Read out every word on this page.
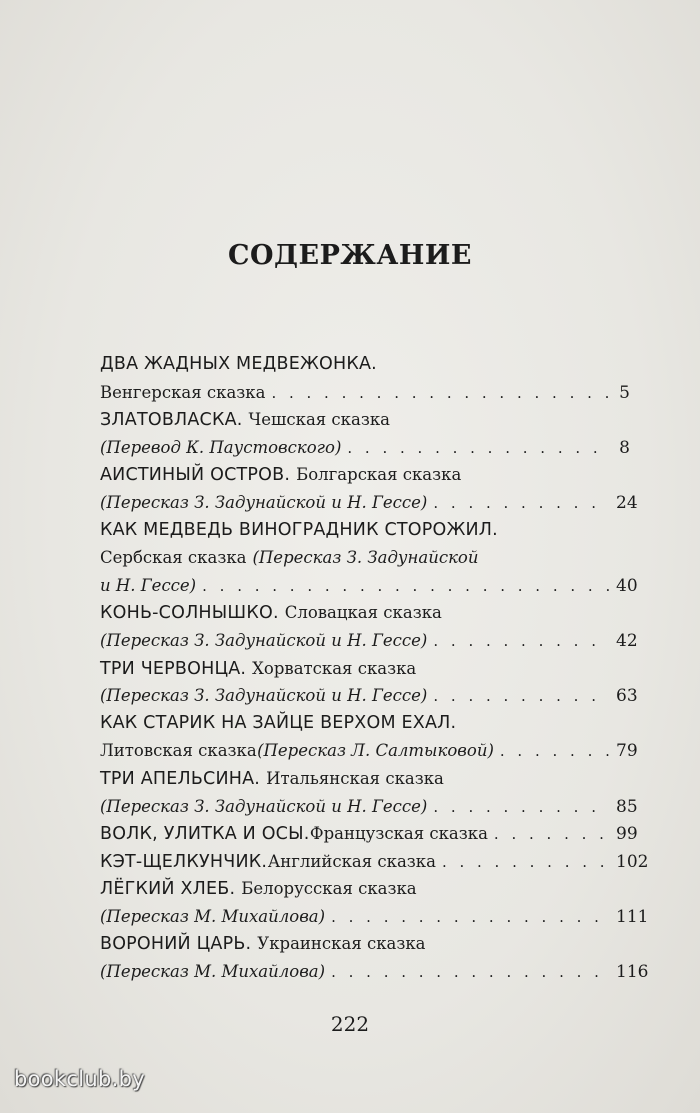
СОДЕРЖАНИЕ
ДВА ЖАДНЫХ МЕДВЕЖОНКА.
Венгерская сказка . . .	5
ЗЛАТОВЛАСКА. Чешская сказка
(Перевод К. Паустовского) . . .	8
АИСТИНЫЙ ОСТРОВ. Болгарская сказка
(Пересказ З. Задунайской и Н. Гессе) . . .	24
КАК МЕДВЕДЬ ВИНОГРАДНИК СТОРОЖИЛ.
Сербская сказка (Пересказ З. Задунайской
и Н. Гессе) . . .	40
КОНЬ-СОЛНЫШКО. Словацкая сказка
(Пересказ З. Задунайской и Н. Гессе) . . .	42
ТРИ ЧЕРВОНЦА. Хорватская сказка
(Пересказ З. Задунайской и Н. Гессе) . . .	63
КАК СТАРИК НА ЗАЙЦЕ ВЕРХОМ ЕХАЛ.
Литовская сказка (Пересказ Л. Салтыковой) . . .	79
ТРИ АПЕЛЬСИНА. Итальянская сказка
(Пересказ З. Задунайской и Н. Гессе) . . .	85
ВОЛК, УЛИТКА И ОСЫ. Французская сказка . . .	99
КЭТ-ЩЕЛКУНЧИК. Английская сказка . . .	102
ЛЁГКИЙ ХЛЕБ. Белорусская сказка
(Пересказ М. Михайлова) . . .	111
ВОРОНИЙ ЦАРЬ. Украинская сказка
(Пересказ М. Михайлова) . . .	116
222
bookclub.by
